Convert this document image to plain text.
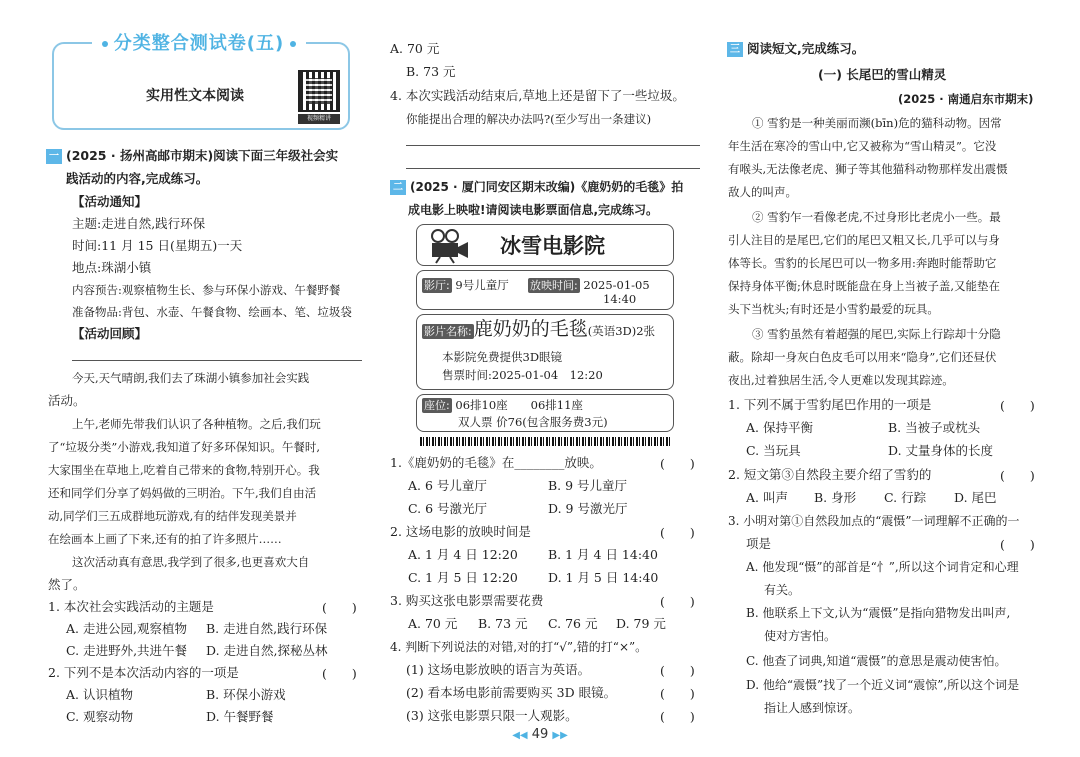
分类整合测试卷(五)
实用性文本阅读
视频精讲
一 (2025 · 扬州高邮市期末)阅读下面三年级社会实
践活动的内容,完成练习。
【活动通知】
主题:走进自然,践行环保
时间:11 月 15 日(星期五)一天
地点:珠湖小镇
内容预告:观察植物生长、参与环保小游戏、午餐野餐
准备物品:背包、水壶、午餐食物、绘画本、笔、垃圾袋
【活动回顾】
今天,天气晴朗,我们去了珠湖小镇参加社会实践
活动。
上午,老师先带我们认识了各种植物。之后,我们玩
了“垃圾分类”小游戏,我知道了好多环保知识。午餐时,
大家围坐在草地上,吃着自己带来的食物,特别开心。我
还和同学们分享了妈妈做的三明治。下午,我们自由活
动,同学们三五成群地玩游戏,有的结伴发现美景并
在绘画本上画了下来,还有的拍了许多照片……
这次活动真有意思,我学到了很多,也更喜欢大自
然了。
1. 本次社会实践活动的主题是	(　　)
A. 走进公园,观察植物 B. 走进自然,践行环保
C. 走进野外,共进午餐 D. 走进自然,探秘丛林
2. 下列不是本次活动内容的一项是	(　　)
A. 认识植物	B. 环保小游戏
C. 观察动物	D. 午餐野餐
A. 70 元
B. 73 元
4. 本次实践活动结束后,草地上还是留下了一些垃圾。
你能提出合理的解决办法吗?(至少写出一条建议)
二 (2025 · 厦门同安区期末改编)《鹿奶奶的毛毯》拍
成电影上映啦!请阅读电影票面信息,完成练习。
冰雪电影院
影厅: 9号儿童厅 放映时间: 2025-01-05
14:40
影片名称: 鹿奶奶的毛毯(英语3D)2张
本影院免费提供3D眼镜
售票时间:2025-01-04　12:20
座位: 06排10座　　06排11座
双人票 价76(包含服务费3元)
1.《鹿奶奶的毛毯》在________放映。	(　　)
A. 6 号儿童厅	B. 9 号儿童厅
C. 6 号激光厅	D. 9 号激光厅
2. 这场电影的放映时间是	(　　)
A. 1 月 4 日 12:20 B. 1 月 4 日 14:40
C. 1 月 5 日 12:20 D. 1 月 5 日 14:40
3. 购买这张电影票需要花费	(　　)
A. 70 元 B. 73 元 C. 76 元 D. 79 元
4. 判断下列说法的对错,对的打“√”,错的打“×”。
(1) 这场电影放映的语言为英语。	(　　)
(2) 看本场电影前需要购买 3D 眼镜。	(　　)
(3) 这张电影票只限一人观影。	(　　)
三 阅读短文,完成练习。
(一) 长尾巴的雪山精灵
(2025 · 南通启东市期末)
① 雪豹是一种美丽而濒(bīn)危的猫科动物。因常
年生活在寒冷的雪山中,它又被称为“雪山精灵”。它没
有喉头,无法像老虎、狮子等其他猫科动物那样发出震慑
敌人的叫声。
② 雪豹乍一看像老虎,不过身形比老虎小一些。最
引人注目的是尾巴,它们的尾巴又粗又长,几乎可以与身
体等长。雪豹的长尾巴可以一物多用:奔跑时能帮助它
保持身体平衡;休息时既能盘在身上当被子盖,又能垫在
头下当枕头;有时还是小雪豹最爱的玩具。
③ 雪豹虽然有着超强的尾巴,实际上行踪却十分隐
蔽。除却一身灰白色皮毛可以用来“隐身”,它们还昼伏
夜出,过着独居生活,令人更难以发现其踪迹。
1. 下列不属于雪豹尾巴作用的一项是	(　　)
A. 保持平衡	B. 当被子或枕头
C. 当玩具	D. 丈量身体的长度
2. 短文第③自然段主要介绍了雪豹的	(　　)
A. 叫声 B. 身形 C. 行踪 D. 尾巴
3. 小明对第①自然段加点的“震慑”一词理解不正确的一
项是	(　　)
A. 他发现“慑”的部首是“忄”,所以这个词肯定和心理
有关。
B. 他联系上下文,认为“震慑”是指向猎物发出叫声,
使对方害怕。
C. 他查了词典,知道“震慑”的意思是震动使害怕。
D. 他给“震慑”找了一个近义词“震惊”,所以这个词是
指让人感到惊讶。
◀◀ 49 ▶▶
